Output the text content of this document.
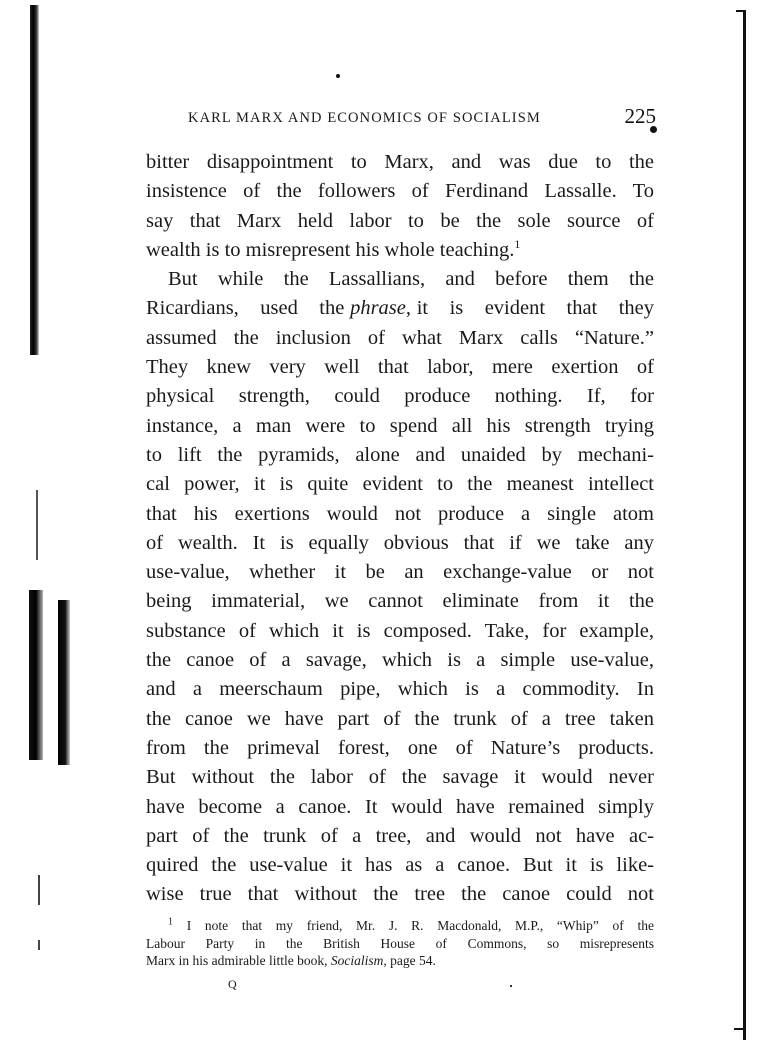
KARL MARX AND ECONOMICS OF SOCIALISM	225
bitter disappointment to Marx, and was due to the
insistence of the followers of Ferdinand Lassalle. To
say that Marx held labor to be the sole source of
wealth is to misrepresent his whole teaching.$^1$
But while the Lassallians, and before them the
Ricardians, used the phrase, it is evident that they
assumed the inclusion of what Marx calls “Nature.”
They knew very well that labor, mere exertion of
physical strength, could produce nothing. If, for
instance, a man were to spend all his strength trying
to lift the pyramids, alone and unaided by mechani-
cal power, it is quite evident to the meanest intellect
that his exertions would not produce a single atom
of wealth. It is equally obvious that if we take any
use-value, whether it be an exchange-value or not
being immaterial, we cannot eliminate from it the
substance of which it is composed. Take, for example,
the canoe of a savage, which is a simple use-value,
and a meerschaum pipe, which is a commodity. In
the canoe we have part of the trunk of a tree taken
from the primeval forest, one of Nature’s products.
But without the labor of the savage it would never
have become a canoe. It would have remained simply
part of the trunk of a tree, and would not have ac-
quired the use-value it has as a canoe. But it is like-
wise true that without the tree the canoe could not
$^1$ I note that my friend, Mr. J. R. Macdonald, M.P., “Whip” of the
Labour Party in the British House of Commons, so misrepresents
Marx in his admirable little book, Socialism, page 54.
Q
